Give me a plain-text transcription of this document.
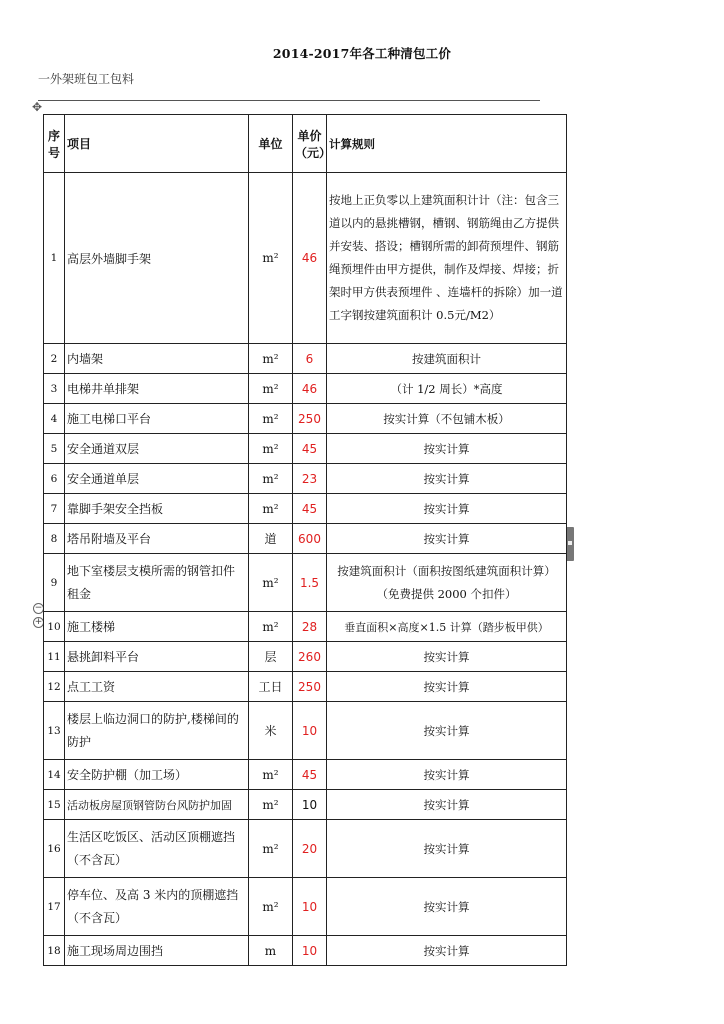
2014-2017年各工种清包工价
一外架班包工包料
✥
−
+
序号	项目	单位	单价（元）	计算规则
1	高层外墙脚手架	m²	46	按地上正负零以上建筑面积计计（注：包含三道以内的悬挑槽钢，槽钢、钢筋绳由乙方提供并安装、搭设；槽钢所需的卸荷预埋件、钢筋绳预埋件由甲方提供，制作及焊接、焊接；折架时甲方供表预埋件 、连墙杆的拆除）加一道工字钢按建筑面积计 0.5元/M2）
2	内墙架	m²	6	按建筑面积计
3	电梯井单排架	m²	46	（计 1/2 周长）*高度
4	施工电梯口平台	m²	250	按实计算（不包铺木板）
5	安全通道双层	m²	45	按实计算
6	安全通道单层	m²	23	按实计算
7	靠脚手架安全挡板	m²	45	按实计算
8	塔吊附墙及平台	道	600	按实计算
9	地下室楼层支模所需的钢管扣件租金	m²	1.5	按建筑面积计（面积按图纸建筑面积计算）（免费提供 2000 个扣件）
10	施工楼梯	m²	28	垂直面积×高度×1.5 计算（踏步板甲供）
11	悬挑卸料平台	层	260	按实计算
12	点工工资	工日	250	按实计算
13	楼层上临边洞口的防护,楼梯间的防护	米	10	按实计算
14	安全防护棚（加工场）	m²	45	按实计算
15	活动板房屋顶钢管防台风防护加固	m²	10	按实计算
16	生活区吃饭区、活动区顶棚遮挡（不含瓦）	m²	20	按实计算
17	停车位、及高 3 米内的顶棚遮挡（不含瓦）	m²	10	按实计算
18	施工现场周边围挡	m	10	按实计算
